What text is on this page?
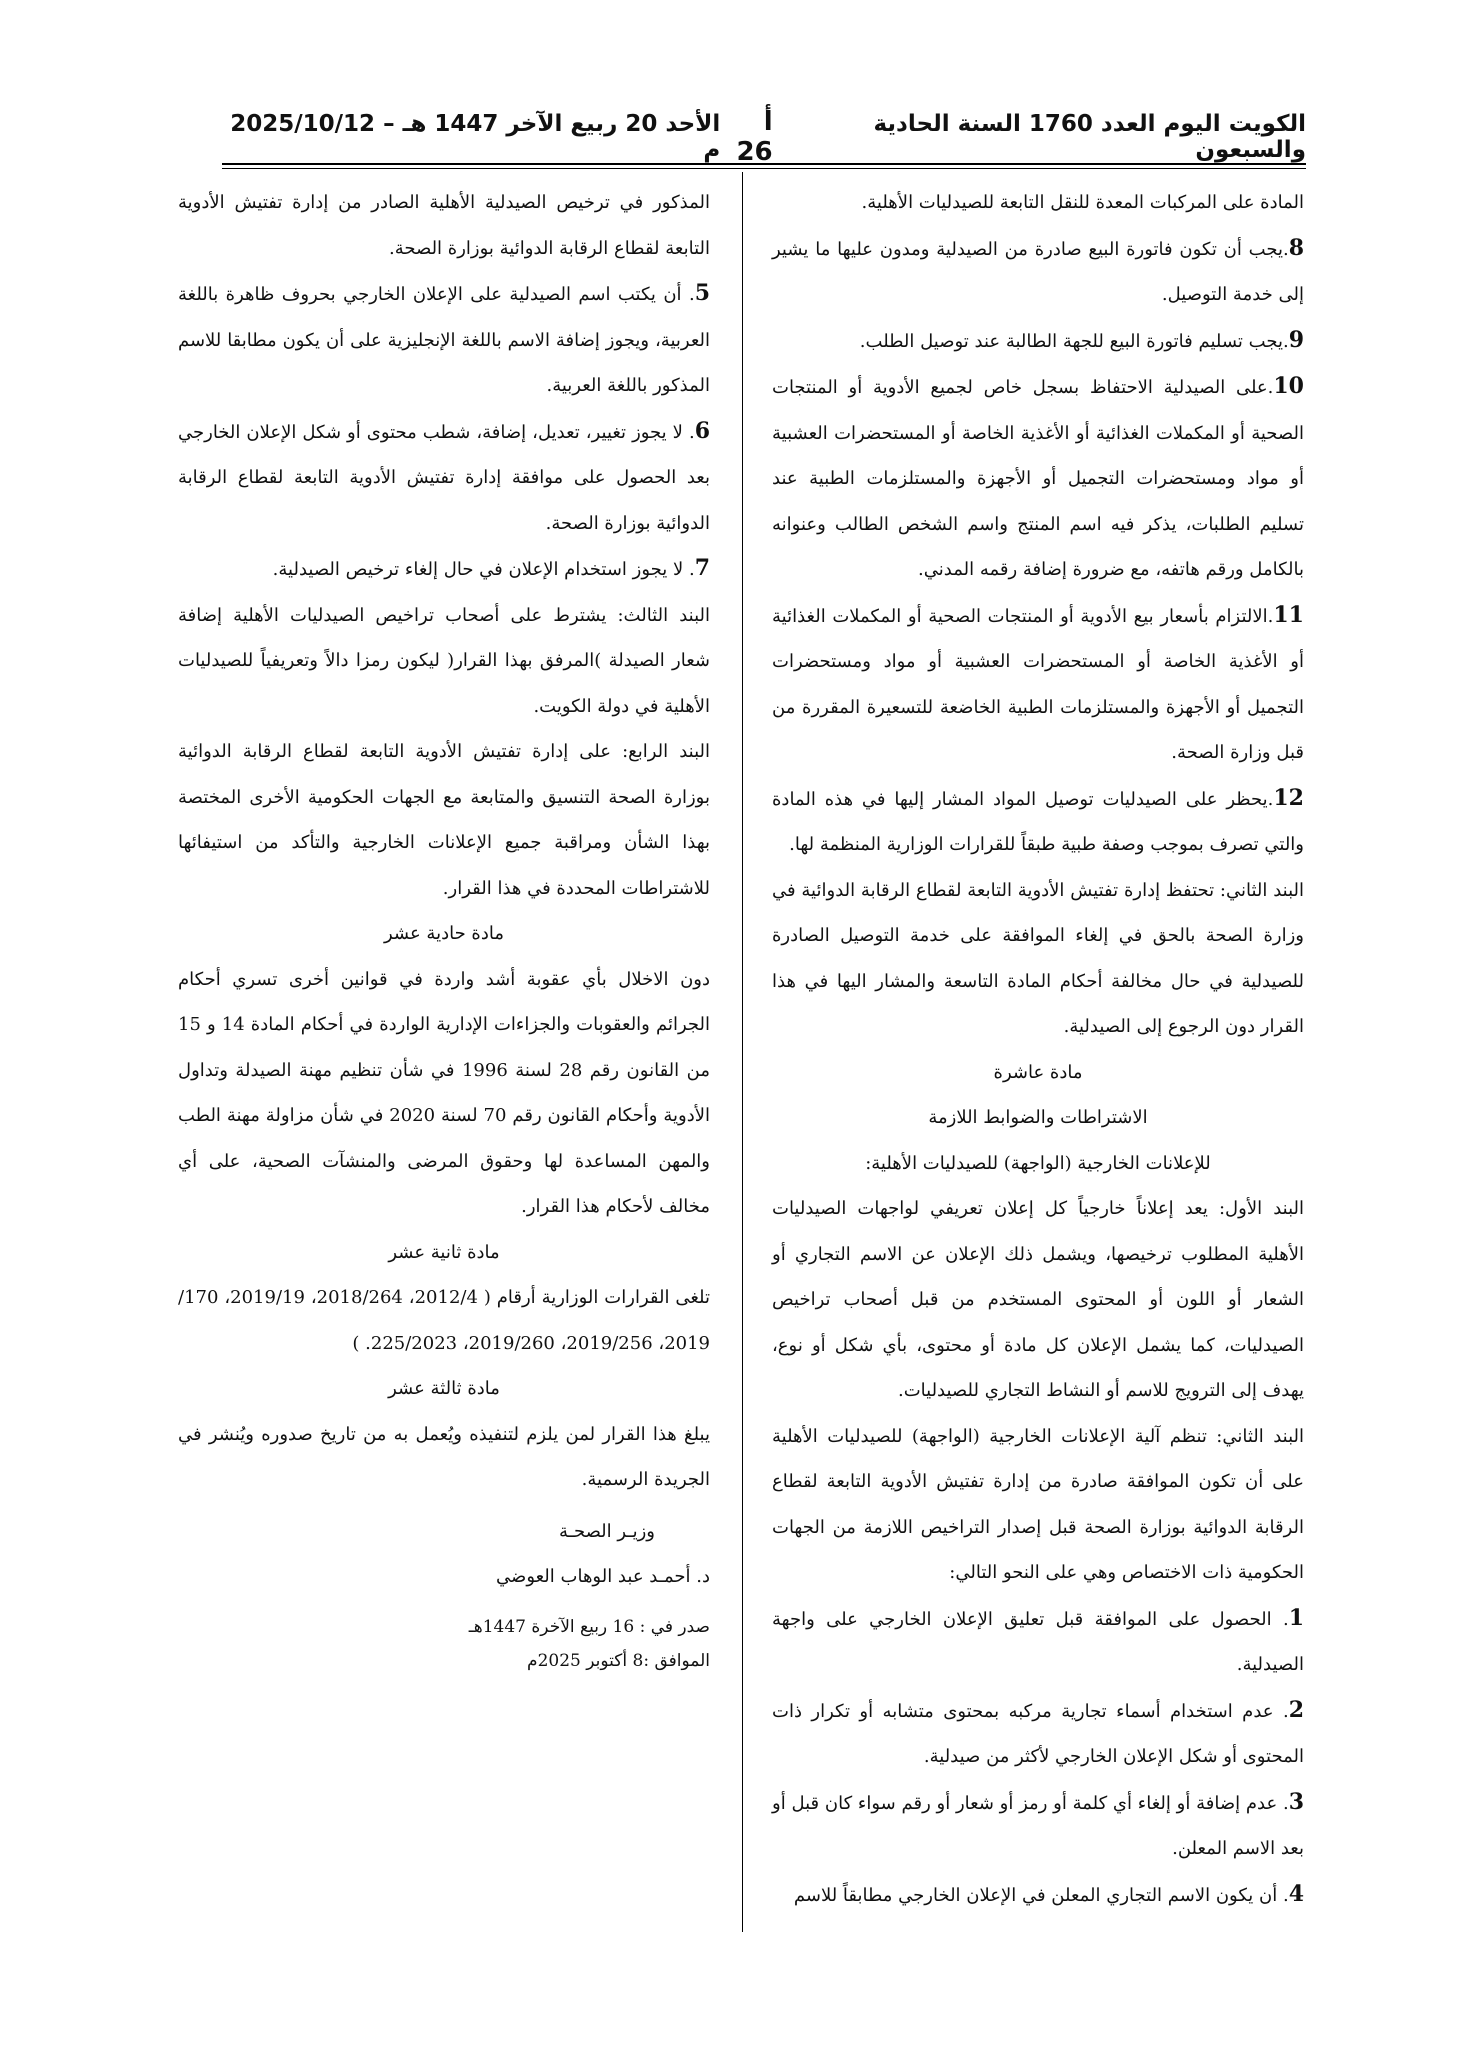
الكويت اليوم العدد 1760 السنة الحادية والسبعون
أ 26
الأحد 20 ربيع الآخر 1447 هـ – 2025/10/12 م

المادة على المركبات المعدة للنقل التابعة للصيدليات الأهلية.

8.يجب أن تكون فاتورة البيع صادرة من الصيدلية ومدون عليها ما يشير إلى خدمة التوصيل.

9.يجب تسليم فاتورة البيع للجهة الطالبة عند توصيل الطلب.

10.على الصيدلية الاحتفاظ بسجل خاص لجميع الأدوية أو المنتجات الصحية أو المكملات الغذائية أو الأغذية الخاصة أو المستحضرات العشبية أو مواد ومستحضرات التجميل أو الأجهزة والمستلزمات الطبية عند تسليم الطلبات، يذكر فيه اسم المنتج واسم الشخص الطالب وعنوانه بالكامل ورقم هاتفه، مع ضرورة إضافة رقمه المدني.

11.الالتزام بأسعار بيع الأدوية أو المنتجات الصحية أو المكملات الغذائية أو الأغذية الخاصة أو المستحضرات العشبية أو مواد ومستحضرات التجميل أو الأجهزة والمستلزمات الطبية الخاضعة للتسعيرة المقررة من قبل وزارة الصحة.

12.يحظر على الصيدليات توصيل المواد المشار إليها في هذه المادة والتي تصرف بموجب وصفة طبية طبقاً للقرارات الوزارية المنظمة لها.

البند الثاني: تحتفظ إدارة تفتيش الأدوية التابعة لقطاع الرقابة الدوائية في وزارة الصحة بالحق في إلغاء الموافقة على خدمة التوصيل الصادرة للصيدلية في حال مخالفة أحكام المادة التاسعة والمشار اليها في هذا القرار دون الرجوع إلى الصيدلية.

مادة عاشرة

الاشتراطات والضوابط اللازمة

للإعلانات الخارجية (الواجهة) للصيدليات الأهلية:

البند الأول: يعد إعلاناً خارجياً كل إعلان تعريفي لواجهات الصيدليات الأهلية المطلوب ترخيصها، ويشمل ذلك الإعلان عن الاسم التجاري أو الشعار أو اللون أو المحتوى المستخدم من قبل أصحاب تراخيص الصيدليات، كما يشمل الإعلان كل مادة أو محتوى، بأي شكل أو نوع، يهدف إلى الترويج للاسم أو النشاط التجاري للصيدليات.

البند الثاني: تنظم آلية الإعلانات الخارجية (الواجهة) للصيدليات الأهلية على أن تكون الموافقة صادرة من إدارة تفتيش الأدوية التابعة لقطاع الرقابة الدوائية بوزارة الصحة قبل إصدار التراخيص اللازمة من الجهات الحكومية ذات الاختصاص وهي على النحو التالي:

1. الحصول على الموافقة قبل تعليق الإعلان الخارجي على واجهة الصيدلية.

2. عدم استخدام أسماء تجارية مركبه بمحتوى متشابه أو تكرار ذات المحتوى أو شكل الإعلان الخارجي لأكثر من صيدلية.

3. عدم إضافة أو إلغاء أي كلمة أو رمز أو شعار أو رقم سواء كان قبل أو بعد الاسم المعلن.

4. أن يكون الاسم التجاري المعلن في الإعلان الخارجي مطابقاً للاسم

المذكور في ترخيص الصيدلية الأهلية الصادر من إدارة تفتيش الأدوية التابعة لقطاع الرقابة الدوائية بوزارة الصحة.

5. أن يكتب اسم الصيدلية على الإعلان الخارجي بحروف ظاهرة باللغة العربية، ويجوز إضافة الاسم باللغة الإنجليزية على أن يكون مطابقا للاسم المذكور باللغة العربية.

6. لا يجوز تغيير، تعديل، إضافة، شطب محتوى أو شكل الإعلان الخارجي بعد الحصول على موافقة إدارة تفتيش الأدوية التابعة لقطاع الرقابة الدوائية بوزارة الصحة.

7. لا يجوز استخدام الإعلان في حال إلغاء ترخيص الصيدلية.

البند الثالث: يشترط على أصحاب تراخيص الصيدليات الأهلية إضافة شعار الصيدلة )المرفق بهذا القرار( ليكون رمزا دالاً وتعريفياً للصيدليات الأهلية في دولة الكويت.

البند الرابع: على إدارة تفتيش الأدوية التابعة لقطاع الرقابة الدوائية بوزارة الصحة التنسيق والمتابعة مع الجهات الحكومية الأخرى المختصة بهذا الشأن ومراقبة جميع الإعلانات الخارجية والتأكد من استيفائها للاشتراطات المحددة في هذا القرار.

مادة حادية عشر

دون الاخلال بأي عقوبة أشد واردة في قوانين أخرى تسري أحكام الجرائم والعقوبات والجزاءات الإدارية الواردة في أحكام المادة 14 و 15 من القانون رقم 28 لسنة 1996 في شأن تنظيم مهنة الصيدلة وتداول الأدوية وأحكام القانون رقم 70 لسنة 2020 في شأن مزاولة مهنة الطب والمهن المساعدة لها وحقوق المرضى والمنشآت الصحية، على أي مخالف لأحكام هذا القرار.

مادة ثانية عشر

تلغى القرارات الوزارية أرقام ( 2012/4، 2018/264، 2019/19، 170/ 2019، 2019/256، 2019/260، 225/2023. )

مادة ثالثة عشر

يبلغ هذا القرار لمن يلزم لتنفيذه ويُعمل به من تاريخ صدوره ويُنشر في الجريدة الرسمية.

وزيـر الصحـة

د. أحمـد عبد الوهاب العوضي

صدر في : 16 ربيع الآخرة 1447هـ

الموافق :8 أكتوبر 2025م
